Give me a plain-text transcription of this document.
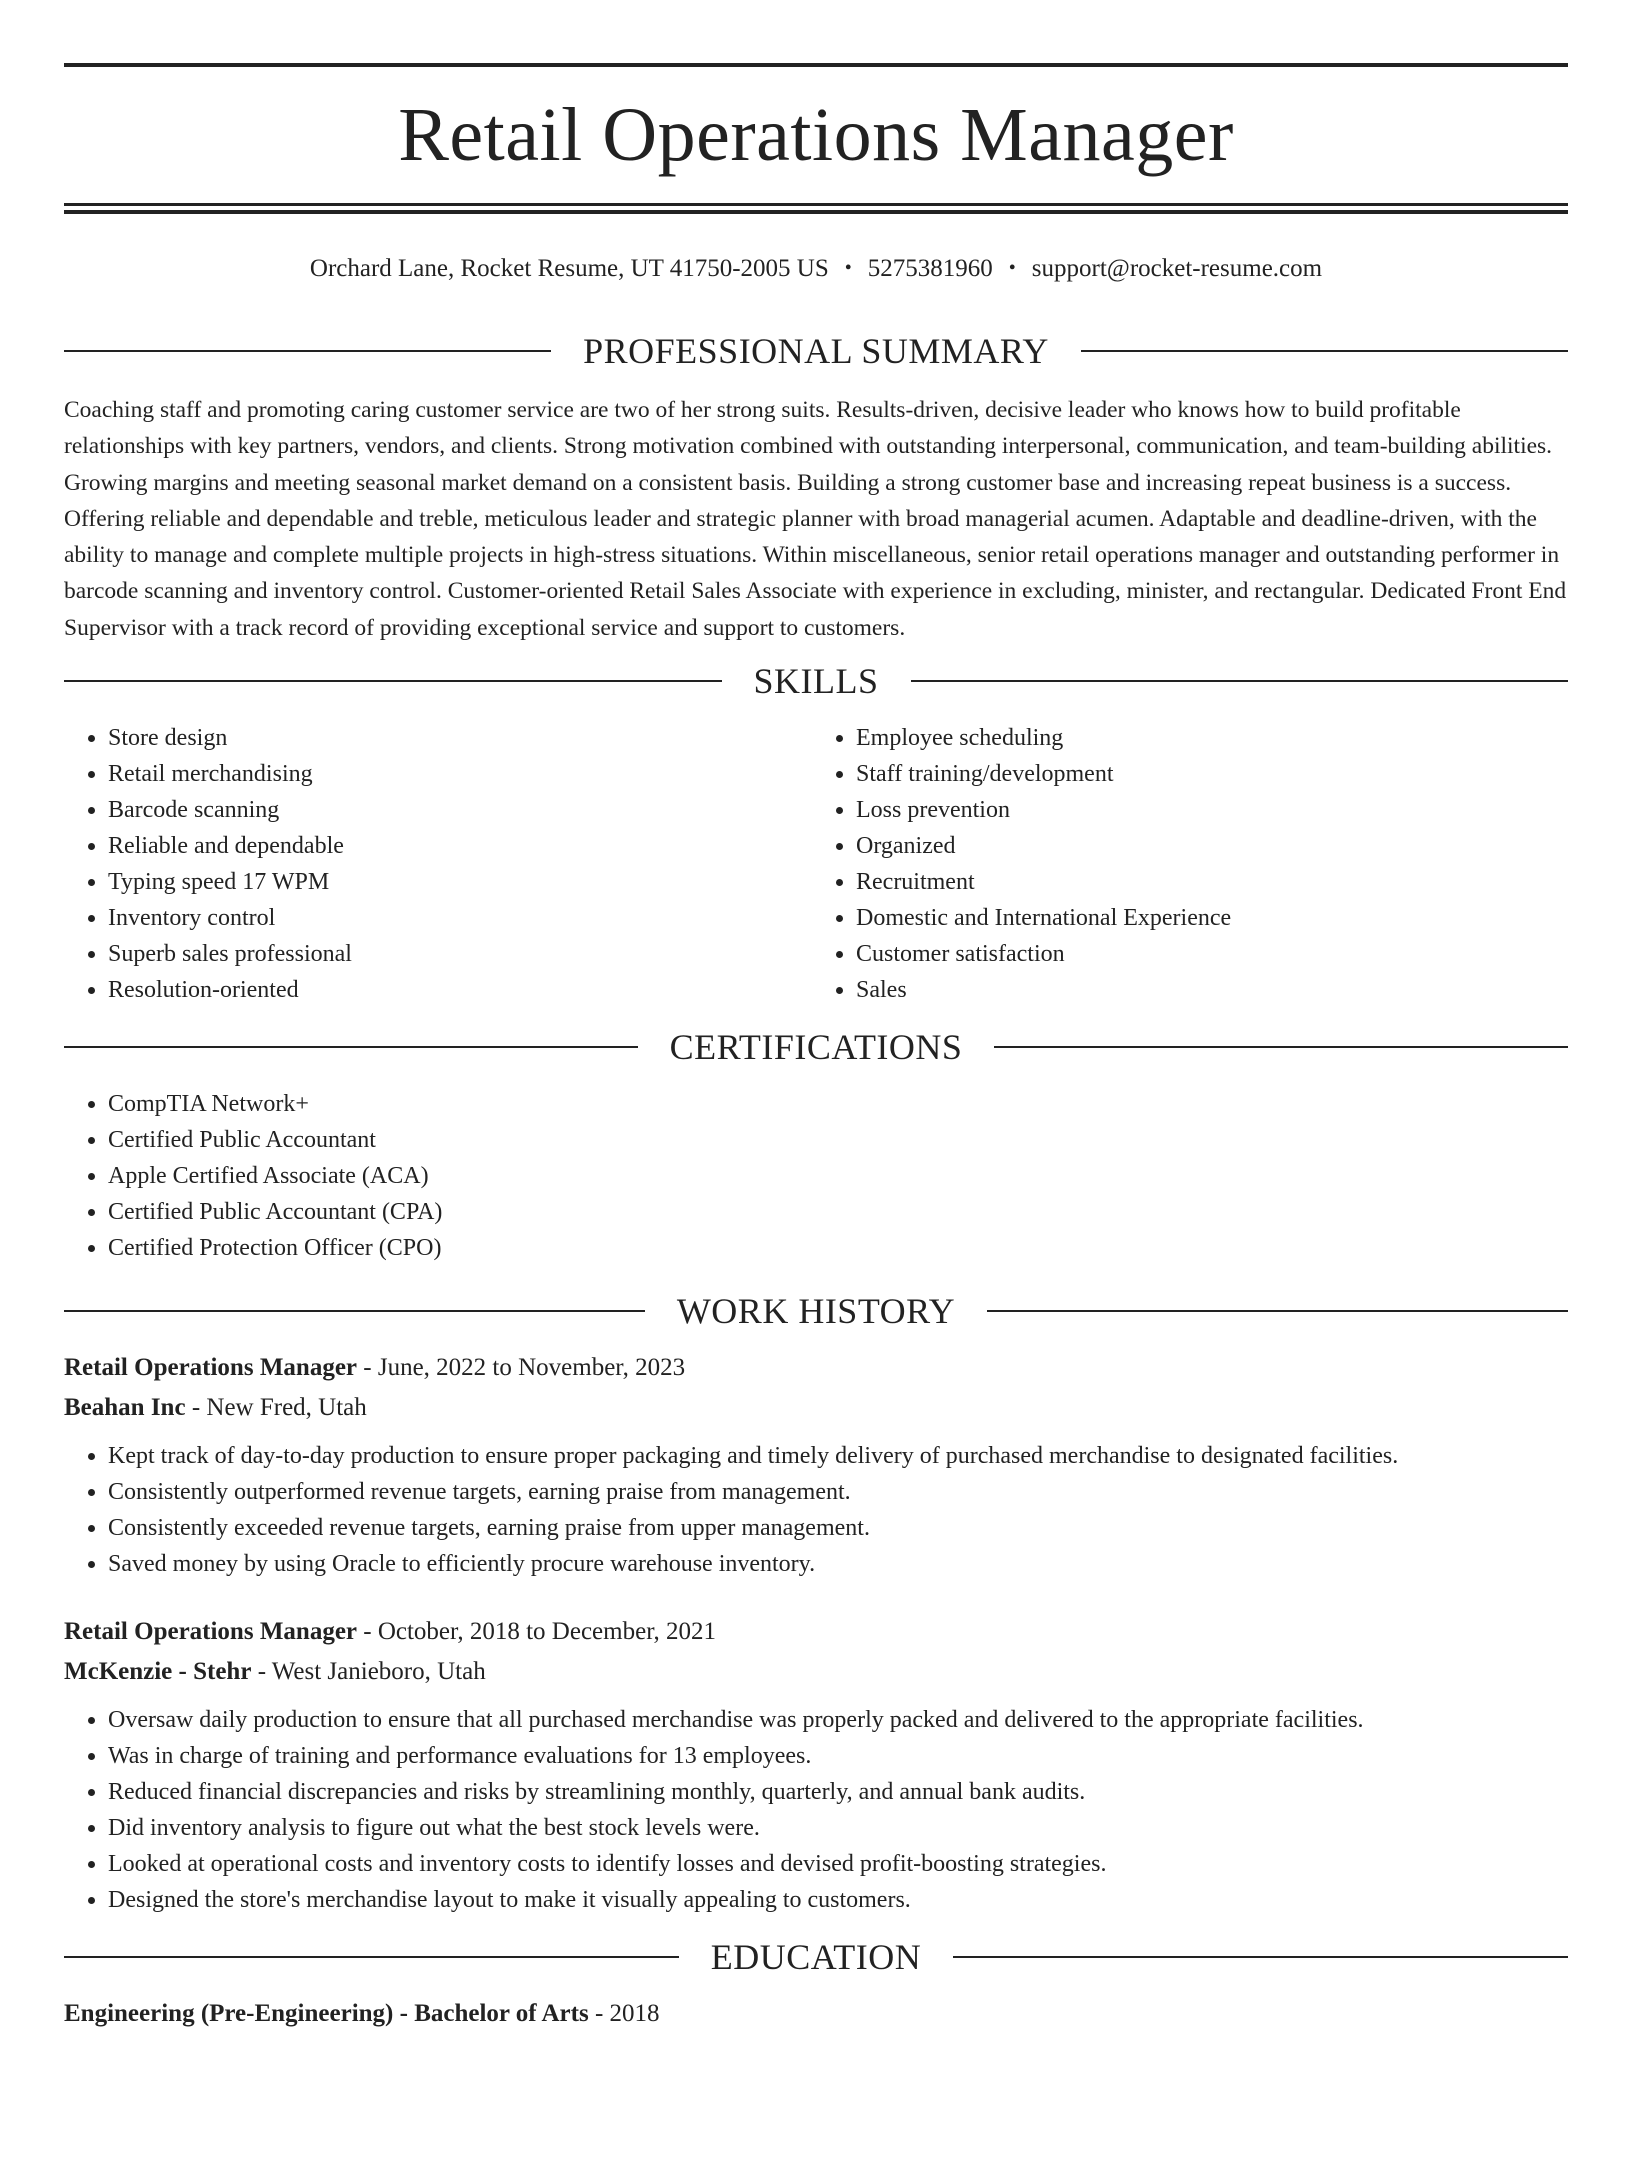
Retail Operations Manager
Orchard Lane, Rocket Resume, UT 41750-2005 US • 5275381960 • support@rocket-resume.com
PROFESSIONAL SUMMARY

Coaching staff and promoting caring customer service are two of her strong suits. Results-driven, decisive leader who knows how to build profitable relationships with key partners, vendors, and clients. Strong motivation combined with outstanding interpersonal, communication, and team-building abilities. Growing margins and meeting seasonal market demand on a consistent basis. Building a strong customer base and increasing repeat business is a success. Offering reliable and dependable and treble, meticulous leader and strategic planner with broad managerial acumen. Adaptable and deadline-driven, with the ability to manage and complete multiple projects in high-stress situations. Within miscellaneous, senior retail operations manager and outstanding performer in barcode scanning and inventory control. Customer-oriented Retail Sales Associate with experience in excluding, minister, and rectangular. Dedicated Front End Supervisor with a track record of providing exceptional service and support to customers.

SKILLS
• Store design
• Retail merchandising
• Barcode scanning
• Reliable and dependable
• Typing speed 17 WPM
• Inventory control
• Superb sales professional
• Resolution-oriented
• Employee scheduling
• Staff training/development
• Loss prevention
• Organized
• Recruitment
• Domestic and International Experience
• Customer satisfaction
• Sales
CERTIFICATIONS
• CompTIA Network+
• Certified Public Accountant
• Apple Certified Associate (ACA)
• Certified Public Accountant (CPA)
• Certified Protection Officer (CPO)
WORK HISTORY
Retail Operations Manager - June, 2022 to November, 2023
Beahan Inc - New Fred, Utah
• Kept track of day-to-day production to ensure proper packaging and timely delivery of purchased merchandise to designated facilities.
• Consistently outperformed revenue targets, earning praise from management.
• Consistently exceeded revenue targets, earning praise from upper management.
• Saved money by using Oracle to efficiently procure warehouse inventory.
Retail Operations Manager - October, 2018 to December, 2021
McKenzie - Stehr - West Janieboro, Utah
• Oversaw daily production to ensure that all purchased merchandise was properly packed and delivered to the appropriate facilities.
• Was in charge of training and performance evaluations for 13 employees.
• Reduced financial discrepancies and risks by streamlining monthly, quarterly, and annual bank audits.
• Did inventory analysis to figure out what the best stock levels were.
• Looked at operational costs and inventory costs to identify losses and devised profit-boosting strategies.
• Designed the store's merchandise layout to make it visually appealing to customers.
EDUCATION
Engineering (Pre-Engineering) - Bachelor of Arts - 2018
